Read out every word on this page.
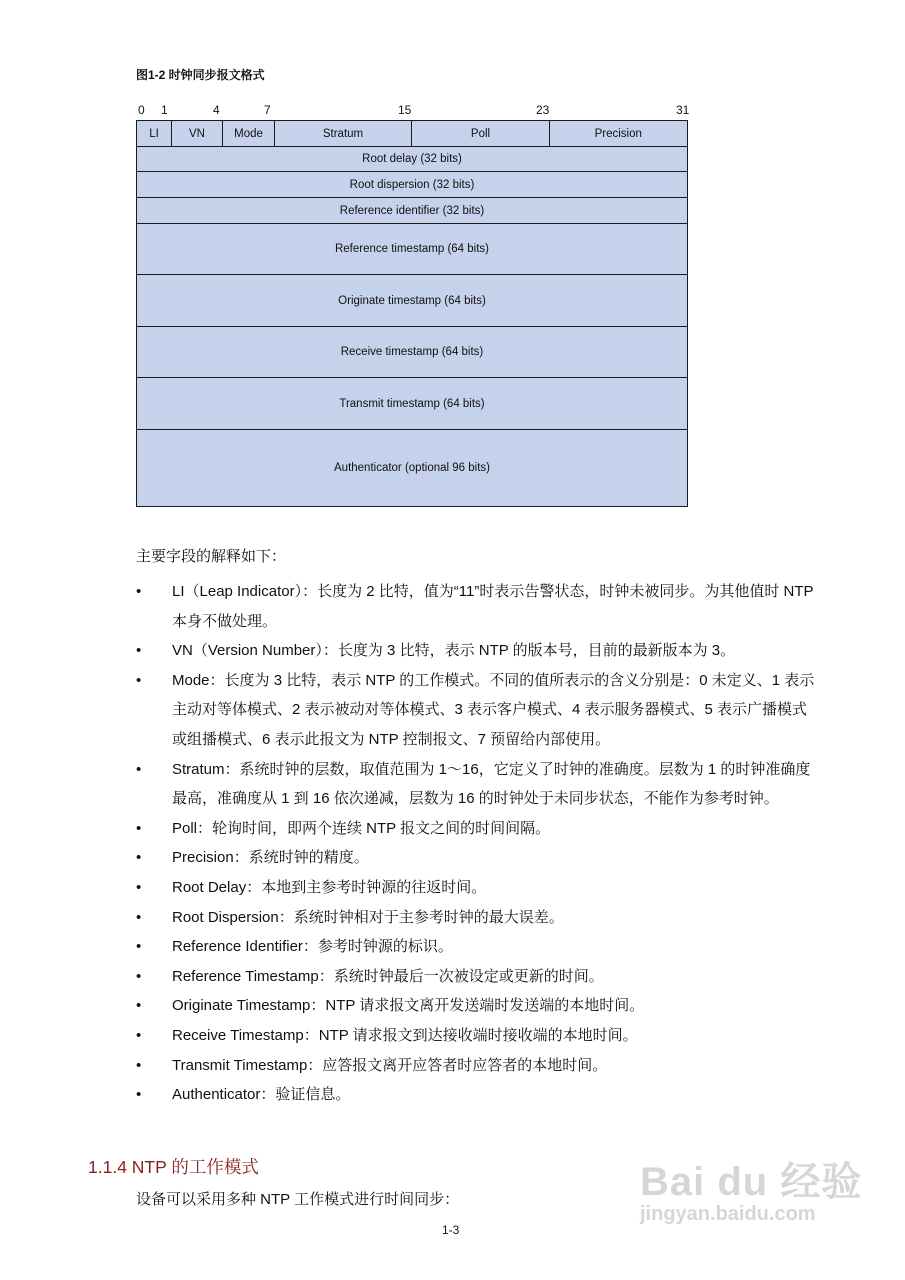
图1-2 时钟同步报文格式
0 1	4	7	15	23	31
LI	VN	Mode	Stratum	Poll	Precision
Root delay (32 bits)
Root dispersion (32 bits)
Reference identifier (32 bits)
Reference timestamp (64 bits)
Originate timestamp (64 bits)
Receive timestamp (64 bits)
Transmit timestamp (64 bits)
Authenticator (optional 96 bits)
主要字段的解释如下：
• LI（Leap Indicator）：长度为 2 比特，值为“11”时表示告警状态，时钟未被同步。为其他值时 NTP 本身不做处理。
• VN（Version Number）：长度为 3 比特，表示 NTP 的版本号，目前的最新版本为 3。
• Mode：长度为 3 比特，表示 NTP 的工作模式。不同的值所表示的含义分别是：0 未定义、1 表示主动对等体模式、2 表示被动对等体模式、3 表示客户模式、4 表示服务器模式、5 表示广播模式或组播模式、6 表示此报文为 NTP 控制报文、7 预留给内部使用。
• Stratum：系统时钟的层数，取值范围为 1～16，它定义了时钟的准确度。层数为 1 的时钟准确度最高，准确度从 1 到 16 依次递减，层数为 16 的时钟处于未同步状态，不能作为参考时钟。
• Poll：轮询时间，即两个连续 NTP 报文之间的时间间隔。
• Precision：系统时钟的精度。
• Root Delay：本地到主参考时钟源的往返时间。
• Root Dispersion：系统时钟相对于主参考时钟的最大误差。
• Reference Identifier：参考时钟源的标识。
• Reference Timestamp：系统时钟最后一次被设定或更新的时间。
• Originate Timestamp：NTP 请求报文离开发送端时发送端的本地时间。
• Receive Timestamp：NTP 请求报文到达接收端时接收端的本地时间。
• Transmit Timestamp：应答报文离开应答者时应答者的本地时间。
• Authenticator：验证信息。
1.1.4 NTP 的工作模式
设备可以采用多种 NTP 工作模式进行时间同步：
1-3
Bai du 经验
jingyan.baidu.com
